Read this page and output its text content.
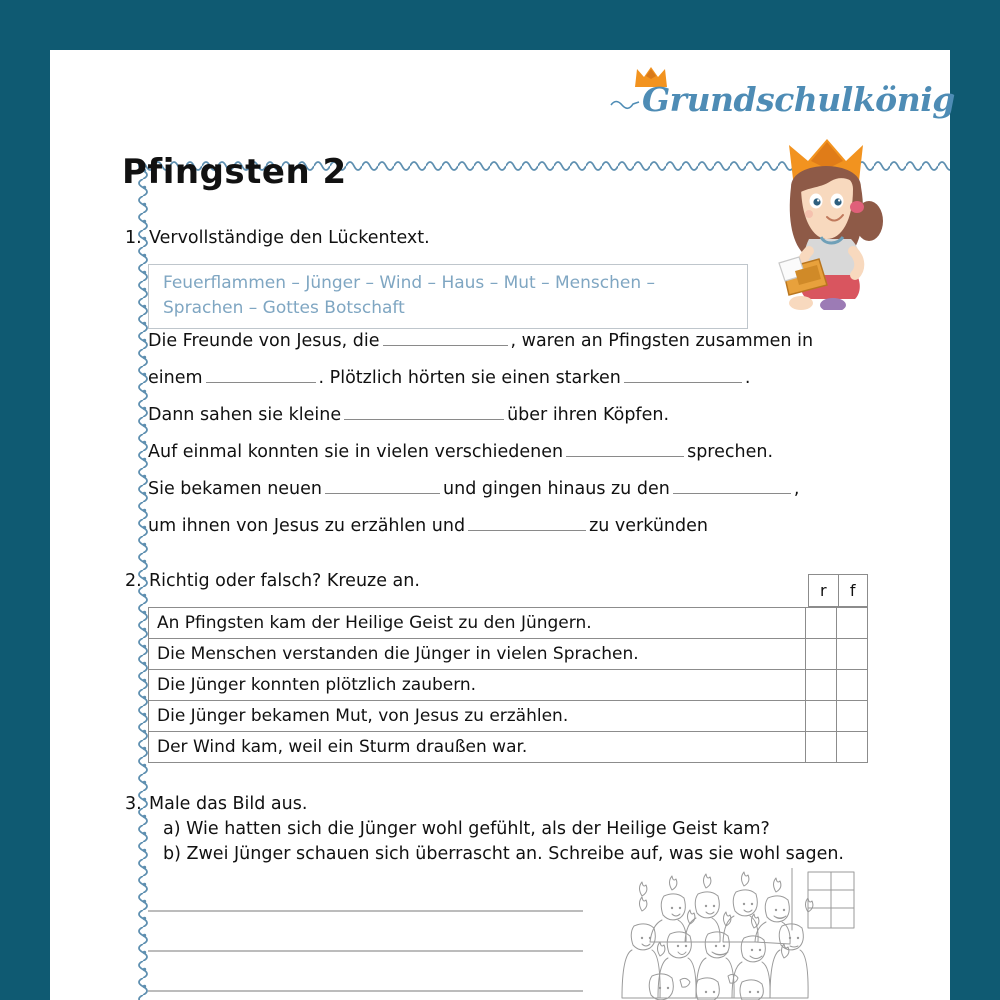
Grundschulkönig
Pfingsten 2
1. Vervollständige den Lückentext.
Feuerflammen – Jünger – Wind – Haus – Mut – Menschen – Sprachen – Gottes Botschaft
Die Freunde von Jesus, die	, waren an Pfingsten zusammen in
einem	. Plötzlich hörten sie einen starken	.
Dann sahen sie kleine	über ihren Köpfen.
Auf einmal konnten sie in vielen verschiedenen	sprechen.
Sie bekamen neuen	und gingen hinaus zu den	,
um ihnen von Jesus zu erzählen und	zu verkünden
2. Richtig oder falsch? Kreuze an.	r	f
An Pfingsten kam der Heilige Geist zu den Jüngern.		
Die Menschen verstanden die Jünger in vielen Sprachen.		
Die Jünger konnten plötzlich zaubern.		
Die Jünger bekamen Mut, von Jesus zu erzählen.		
Der Wind kam, weil ein Sturm draußen war.		
3. Male das Bild aus.
a) Wie hatten sich die Jünger wohl gefühlt, als der Heilige Geist kam?
b) Zwei Jünger schauen sich überrascht an. Schreibe auf, was sie wohl sagen.
